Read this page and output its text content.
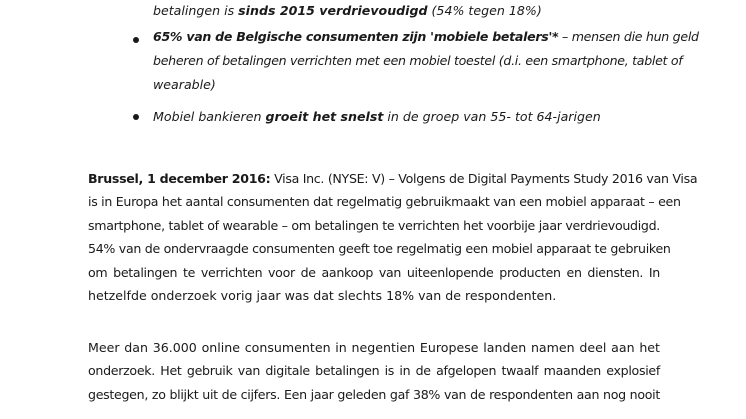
betalingen is sinds 2015 verdrievoudigd (54% tegen 18%)
65% van de Belgische consumenten zijn 'mobiele betalers'* – mensen die hun geld
beheren of betalingen verrichten met een mobiel toestel (d.i. een smartphone, tablet of
wearable)
Mobiel bankieren groeit het snelst in de groep van 55- tot 64-jarigen
Brussel, 1 december 2016: Visa Inc. (NYSE: V) – Volgens de Digital Payments Study 2016 van Visa
is in Europa het aantal consumenten dat regelmatig gebruikmaakt van een mobiel apparaat – een
smartphone, tablet of wearable – om betalingen te verrichten het voorbije jaar verdrievoudigd.
54% van de ondervraagde consumenten geeft toe regelmatig een mobiel apparaat te gebruiken
om betalingen te verrichten voor de aankoop van uiteenlopende producten en diensten. In
hetzelfde onderzoek vorig jaar was dat slechts 18% van de respondenten.
Meer dan 36.000 online consumenten in negentien Europese landen namen deel aan het
onderzoek. Het gebruik van digitale betalingen is in de afgelopen twaalf maanden explosief
gestegen, zo blijkt uit de cijfers. Een jaar geleden gaf 38% van de respondenten aan nog nooit
